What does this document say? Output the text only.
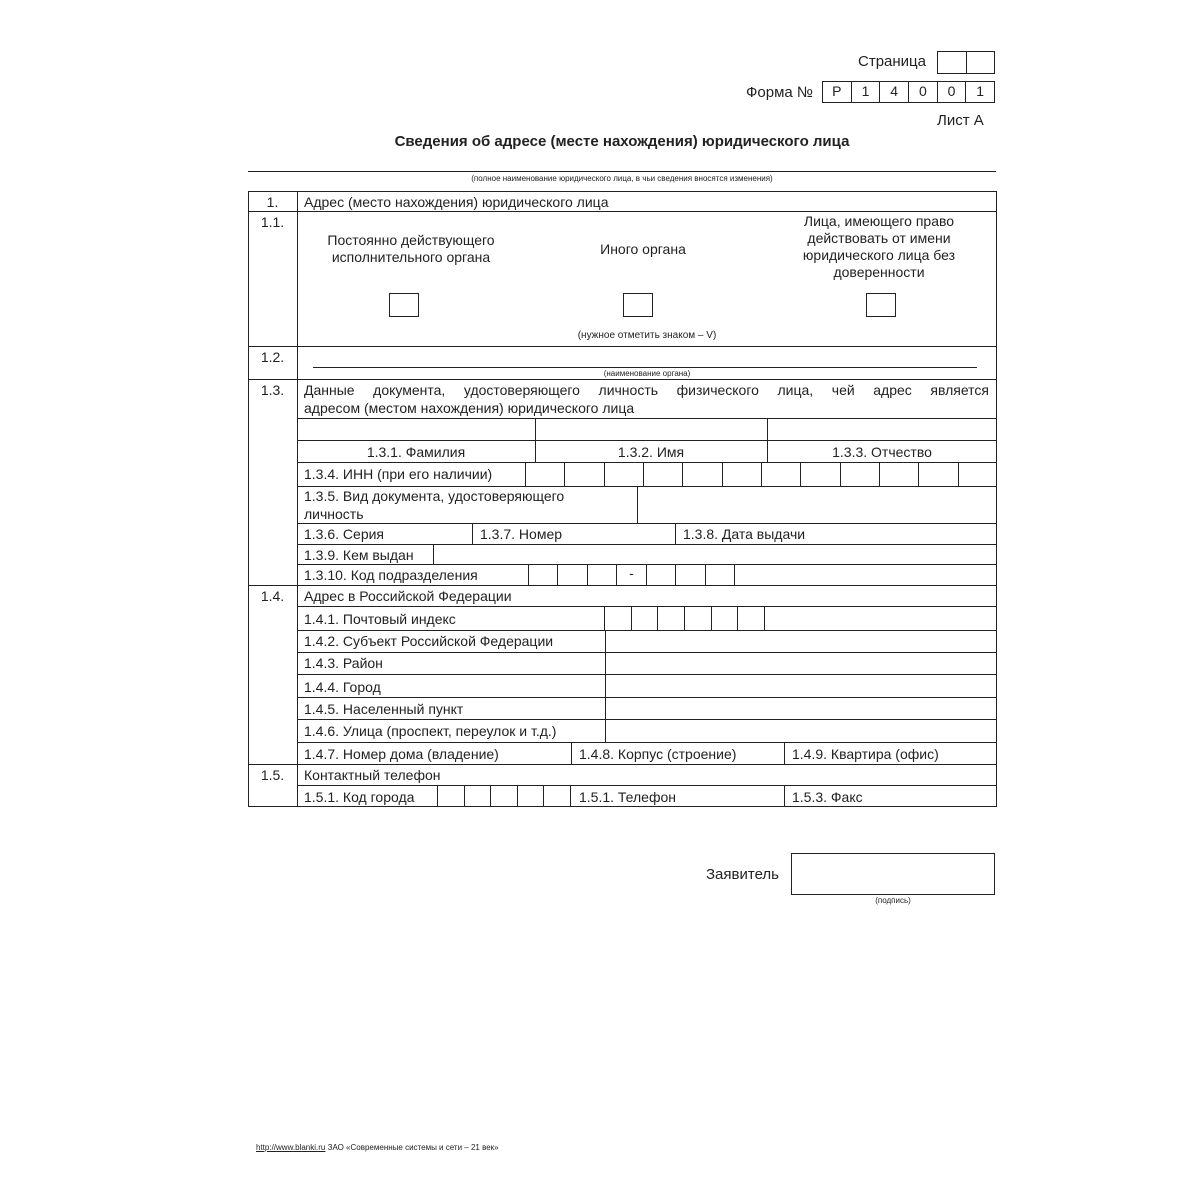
Страница
Форма №	Р	1	4	0	0	1
Лист А
Сведения об адресе (месте нахождения) юридического лица
(полное наименование юридического лица, в чьи сведения вносятся изменения)
1.	Адрес (место нахождения) юридического лица
1.1.
Постоянно действующего исполнительного органа	Иного органа
Лица, имеющего право действовать от имени юридического лица без доверенности
(нужное отметить знаком – V)
1.2.
(наименование органа)
1.3.	Данные документа, удостоверяющего личность физического лица, чей адрес является
адресом (местом нахождения) юридического лица
1.3.1. Фамилия	1.3.2. Имя	1.3.3. Отчество
1.3.4. ИНН (при его наличии)
1.3.5. Вид документа, удостоверяющего
личность
1.3.6. Серия	1.3.7. Номер	1.3.8. Дата выдачи
1.3.9. Кем выдан
1.3.10. Код подразделения	-
1.4.	Адрес в Российской Федерации
1.4.1. Почтовый индекс
1.4.2. Субъект Российской Федерации
1.4.3. Район
1.4.4. Город
1.4.5. Населенный пункт
1.4.6. Улица (проспект, переулок и т.д.)
1.4.7. Номер дома (владение)	1.4.8. Корпус (строение)	1.4.9. Квартира (офис)
1.5.	Контактный телефон
1.5.1. Код города	1.5.1. Телефон	1.5.3. Факс
Заявитель
(подпись)
http://www.blanki.ru ЗАО «Современные системы и сети – 21 век»
